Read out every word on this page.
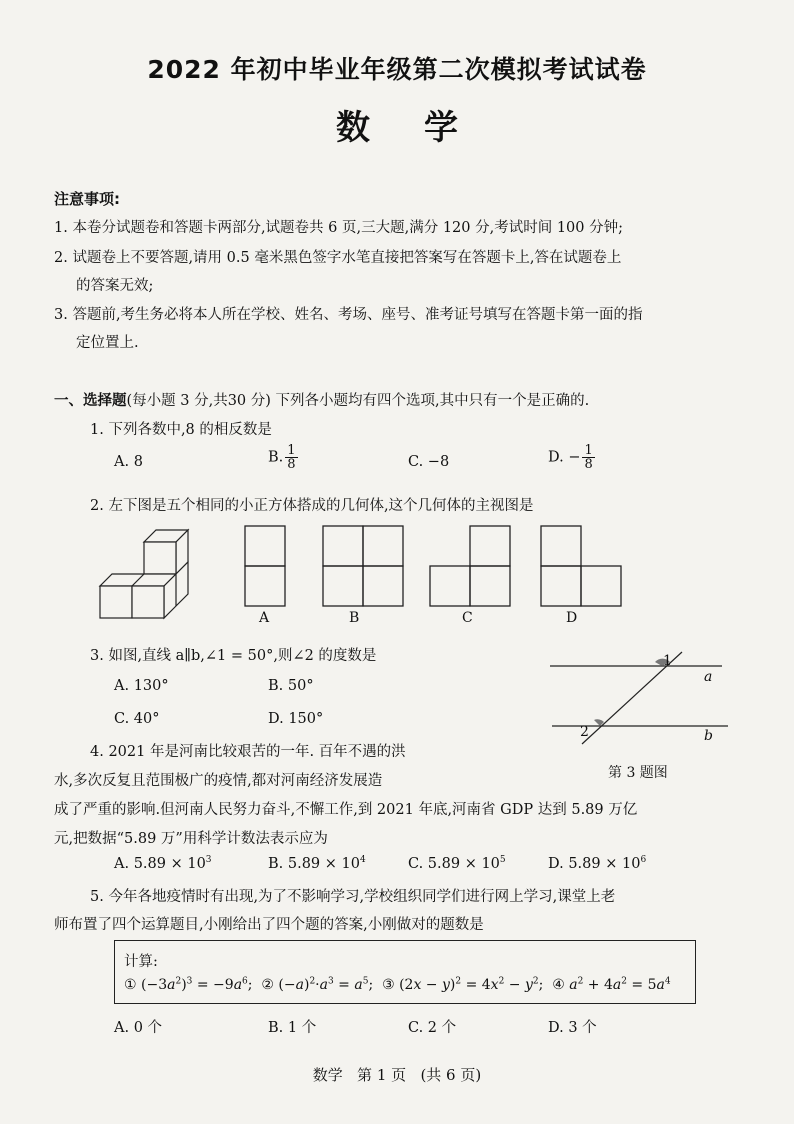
2022 年初中毕业年级第二次模拟考试试卷
数学
注意事项:
1. 本卷分试题卷和答题卡两部分,试题卷共 6 页,三大题,满分 120 分,考试时间 100 分钟;
2. 试题卷上不要答题,请用 0.5 毫米黑色签字水笔直接把答案写在答题卡上,答在试题卷上
的答案无效;
3. 答题前,考生务必将本人所在学校、姓名、考场、座号、准考证号填写在答题卡第一面的指
定位置上.
一、选择题(每小题 3 分,共30 分) 下列各小题均有四个选项,其中只有一个是正确的.
1. 下列各数中,8 的相反数是
A. 8	B. $\frac{1}{8}$	C. −8	D. − $\frac{1}{8}$
2. 左下图是五个相同的小正方体搭成的几何体,这个几何体的主视图是
A	B	C	D
3. 如图,直线 a∥b,∠1 = 50°,则∠2 的度数是
A. 130°	B. 50°
C. 40°	D. 150°
1
a
2	b
第 3 题图
4. 2021 年是河南比较艰苦的一年. 百年不遇的洪
水,多次反复且范围极广的疫情,都对河南经济发展造
成了严重的影响.但河南人民努力奋斗,不懈工作,到 2021 年底,河南省 GDP 达到 5.89 万亿
元,把数据“5.89 万”用科学计数法表示应为
A. $5.89 \times 10^3$	B. $5.89 \times 10^4$	C. $5.89 \times 10^5$	D. $5.89 \times 10^6$
5. 今年各地疫情时有出现,为了不影响学习,学校组织同学们进行网上学习,课堂上老
师布置了四个运算题目,小刚给出了四个题的答案,小刚做对的题数是
计算:
① $(-3a^2)^3 = -9a^6$;  ② $(-a)^2\cdot a^3 = a^5$;  ③ $(2x - y)^2 = 4x^2 - y^2$;  ④ $a^2 + 4a^2 = 5a^4$
A. 0 个	B. 1 个	C. 2 个	D. 3 个
数学   第 1 页   (共 6 页)
